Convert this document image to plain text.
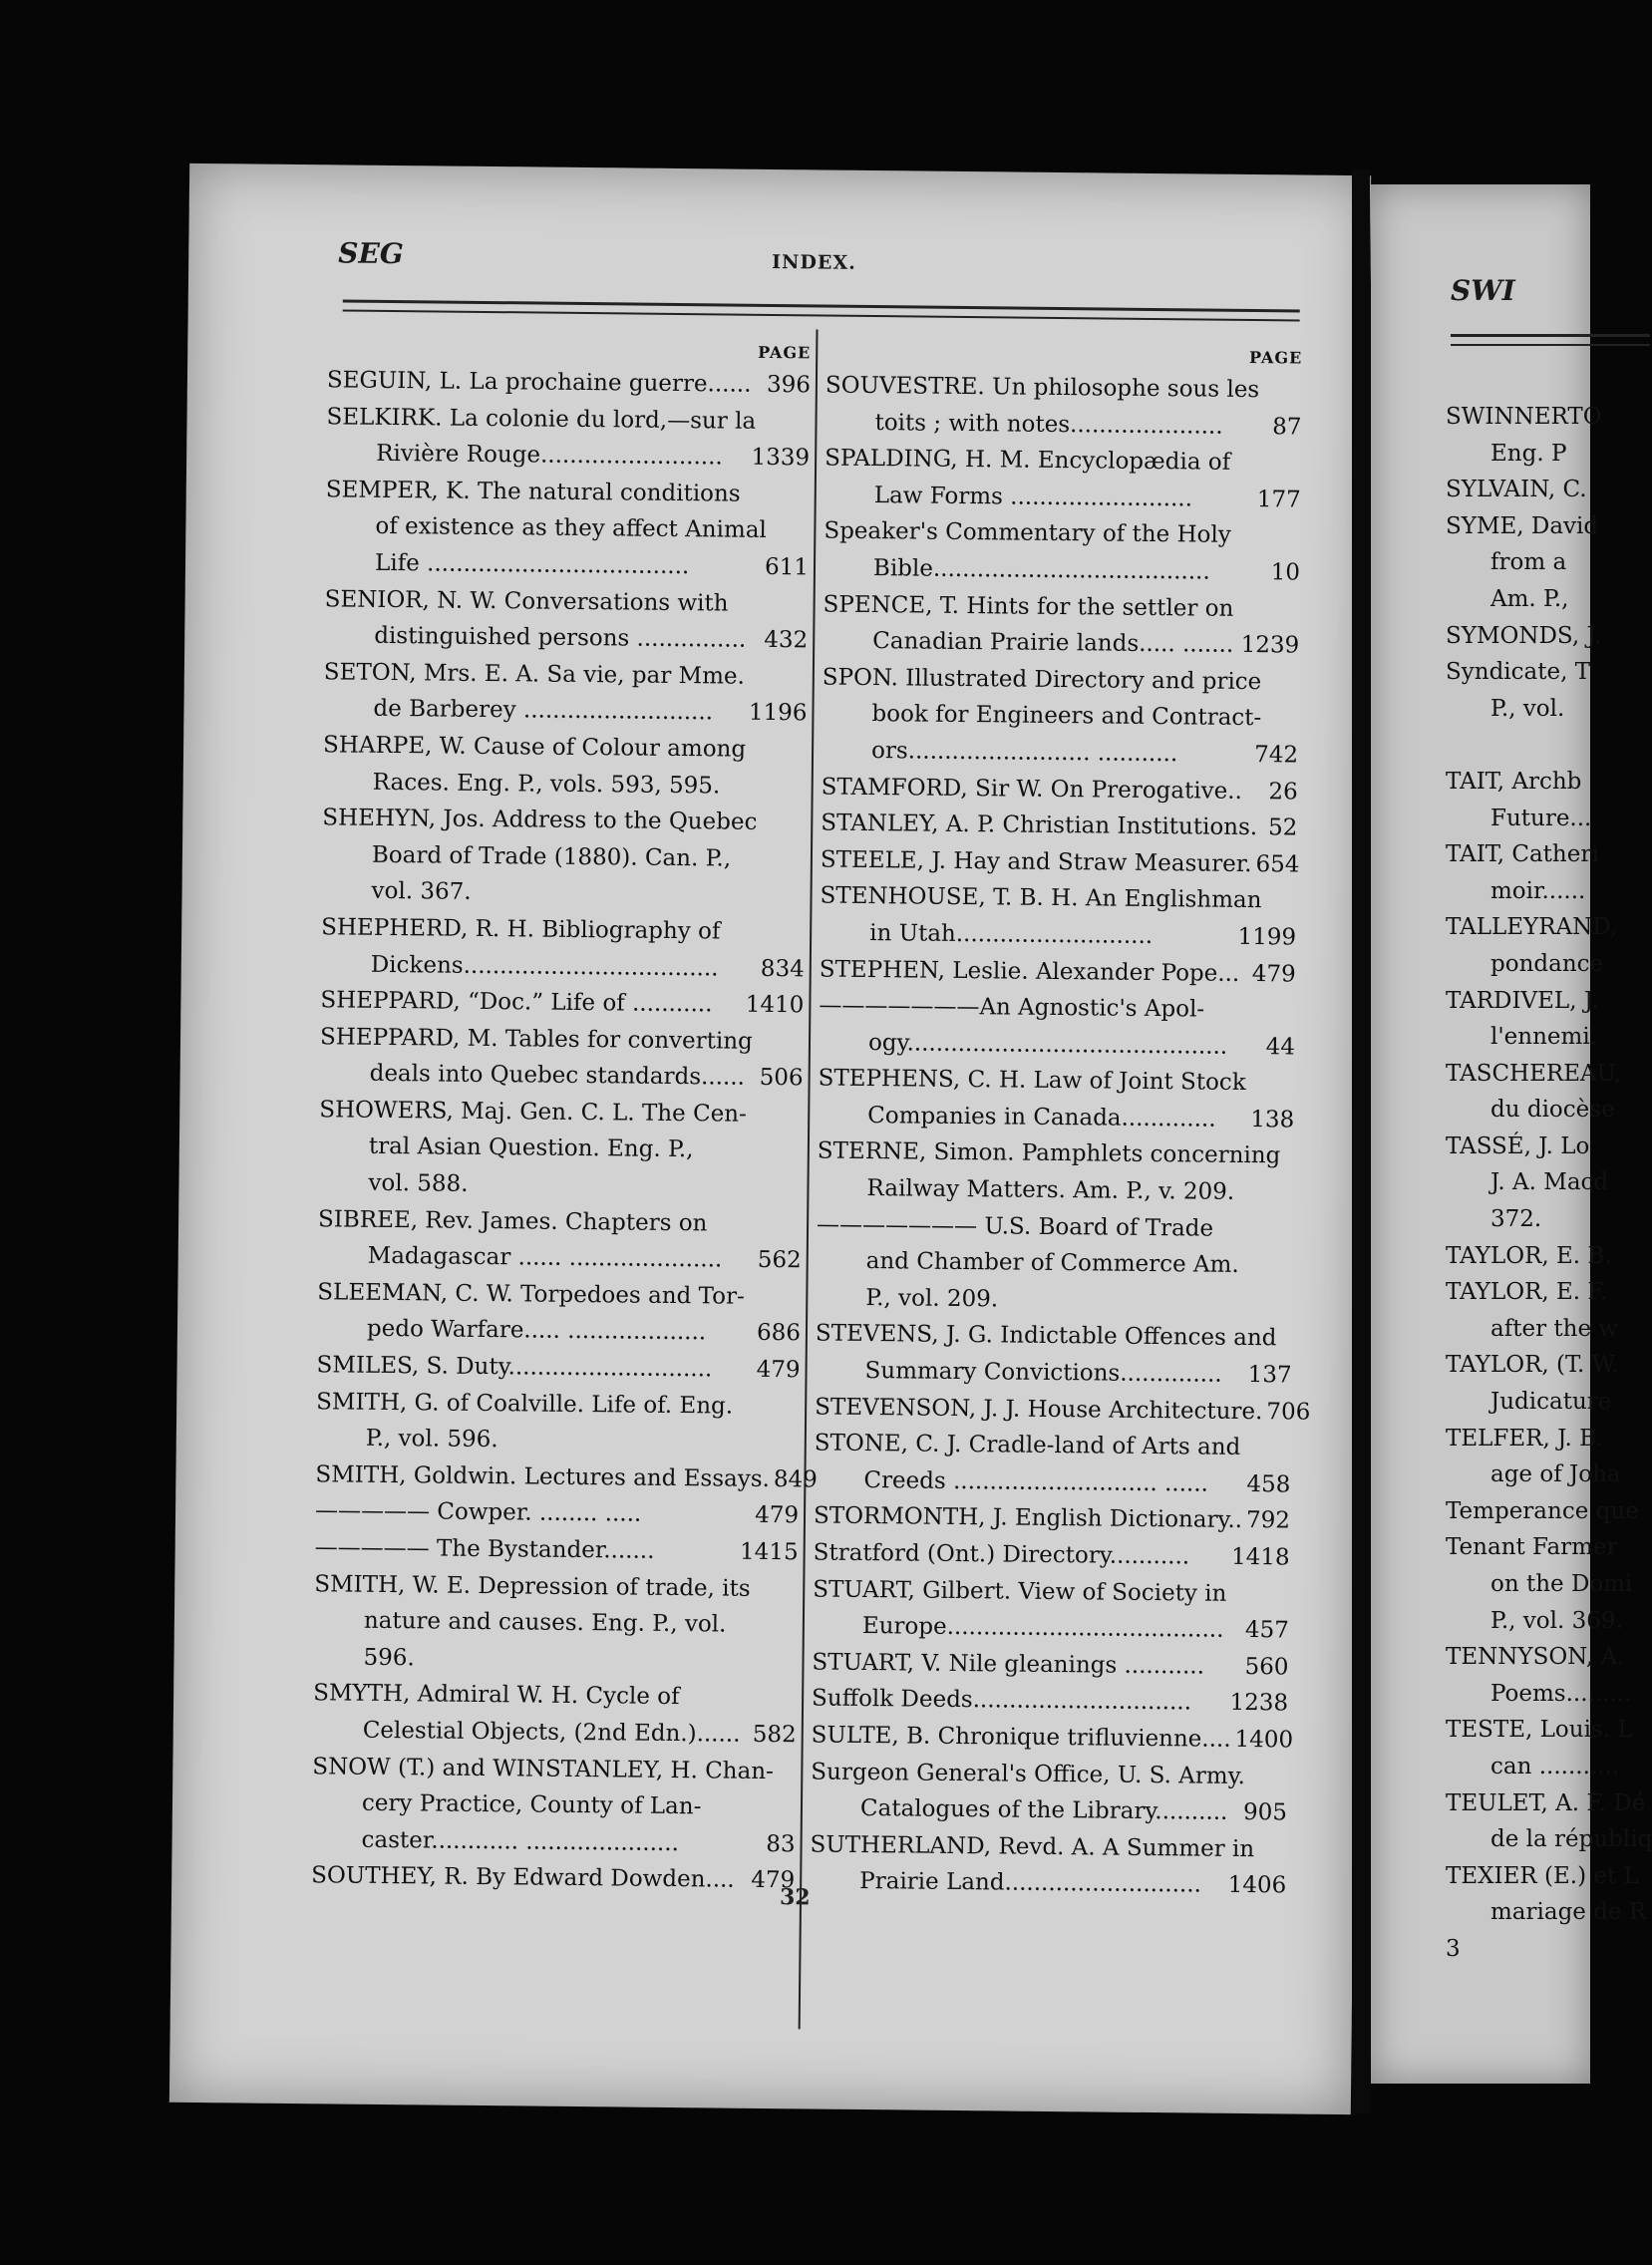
SEG	INDEX.
PAGE
SEGUIN, L. La prochaine guerre...... 396
SELKIRK. La colonie du lord,—sur la
Rivière Rouge......................... 1339
SEMPER, K. The natural conditions
of existence as they affect Animal
Life ....................................	611
SENIOR, N. W. Conversations with
distinguished persons ............... 432
SETON, Mrs. E. A. Sa vie, par Mme.
de Barberey .......................... 1196
SHARPE, W. Cause of Colour among
Races. Eng. P., vols. 593, 595.
SHEHYN, Jos. Address to the Quebec
Board of Trade (1880). Can. P.,
vol. 367.
SHEPHERD, R. H. Bibliography of
Dickens................................... 834
SHEPPARD, “Doc.” Life of ........... 1410
SHEPPARD, M. Tables for converting
deals into Quebec standards...... 506
SHOWERS, Maj. Gen. C. L. The Cen-
tral Asian Question. Eng. P.,
vol. 588.
SIBREE, Rev. James. Chapters on
Madagascar ...... ..................... 562
SLEEMAN, C. W. Torpedoes and Tor-
pedo Warfare..... ................... 686
SMILES, S. Duty............................ 479
SMITH, G. of Coalville. Life of. Eng.
P., vol. 596.
SMITH, Goldwin. Lectures and Essays. 849
————— Cowper. ........ .....	479
————— The Bystander.......	1415
SMITH, W. E. Depression of trade, its
nature and causes. Eng. P., vol.
596.
SMYTH, Admiral W. H. Cycle of
Celestial Objects, (2nd Edn.)...... 582
SNOW (T.) and WINSTANLEY, H. Chan-
cery Practice, County of Lan-
caster............ .....................	83
SOUTHEY, R. By Edward Dowden.... 479
PAGE
SOUVESTRE. Un philosophe sous les
toits ; with notes..................... 87
SPALDING, H. M. Encyclopædia of
Law Forms .........................	177
Speaker's Commentary of the Holy
Bible......................................	10
SPENCE, T. Hints for the settler on
Canadian Prairie lands..... ....... 1239
SPON. Illustrated Directory and price
book for Engineers and Contract-
ors......................... ...........	742
STAMFORD, Sir W. On Prerogative.. 26
STANLEY, A. P. Christian Institutions. 52
STEELE, J. Hay and Straw Measurer. 654
STENHOUSE, T. B. H. An Englishman
in Utah...........................	1199
STEPHEN, Leslie. Alexander Pope... 479
———————An Agnostic's Apol-
ogy............................................ 44
STEPHENS, C. H. Law of Joint Stock
Companies in Canada............. 138
STERNE, Simon. Pamphlets concerning
Railway Matters. Am. P., v. 209.
——————— U.S. Board of Trade
and Chamber of Commerce Am.
P., vol. 209.
STEVENS, J. G. Indictable Offences and
Summary Convictions.............. 137
STEVENSON, J. J. House Architecture. 706
STONE, C. J. Cradle-land of Arts and
Creeds ............................ ...... 458
STORMONTH, J. English Dictionary.. 792
Stratford (Ont.) Directory........... 1418
STUART, Gilbert. View of Society in
Europe...................................... 457
STUART, V. Nile gleanings ........... 560
Suffolk Deeds.............................. 1238
SULTE, B. Chronique trifluvienne.... 1400
Surgeon General's Office, U. S. Army.
Catalogues of the Library.......... 905
SUTHERLAND, Revd. A. A Summer in
Prairie Land........................... 1406
32
SWI
SWINNERTO
Eng. P
SYLVAIN, C.
SYME, David
from a
Am. P.,
SYMONDS, J.
Syndicate, T
P., vol.
TAIT, Archb
Future...
TAIT, Catheri
moir......
TALLEYRAND,
pondance
TARDIVEL, J.
l'ennemi.
TASCHEREAU,
du diocèse
TASSÉ, J. Lo
J. A. Macd
372.
TAYLOR, E. B.
TAYLOR, E. F.
after the w
TAYLOR, (T. W.
Judicature
TELFER, J. B.
age of Joha
Temperance que
Tenant Farmer
on the Domi
P., vol. 369.
TENNYSON, A.
Poems.........
TESTE, Louis. L
can ...........
TEULET, A. F. Dé
de la républiq
TEXIER (E.) et L
mariage de R
3
